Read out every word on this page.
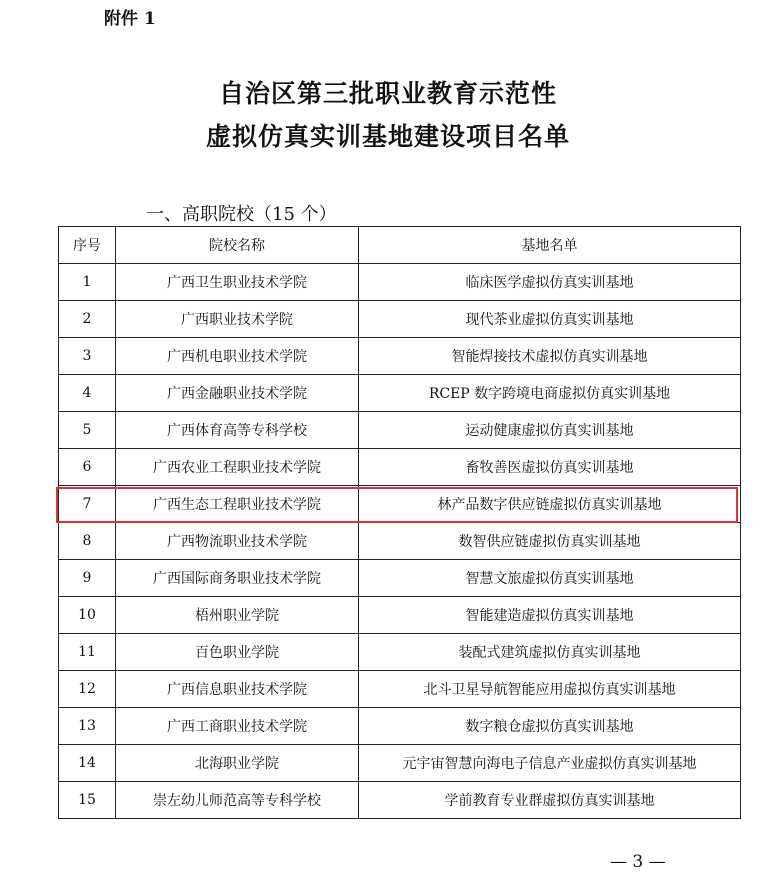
附件 1
自治区第三批职业教育示范性
虚拟仿真实训基地建设项目名单
一、高职院校（15 个）
序号	院校名称	基地名单
1	广西卫生职业技术学院	临床医学虚拟仿真实训基地
2	广西职业技术学院	现代茶业虚拟仿真实训基地
3	广西机电职业技术学院	智能焊接技术虚拟仿真实训基地
4	广西金融职业技术学院	RCEP 数字跨境电商虚拟仿真实训基地
5	广西体育高等专科学校	运动健康虚拟仿真实训基地
6	广西农业工程职业技术学院	畜牧善医虚拟仿真实训基地
7	广西生态工程职业技术学院	林产品数字供应链虚拟仿真实训基地
8	广西物流职业技术学院	数智供应链虚拟仿真实训基地
9	广西国际商务职业技术学院	智慧文旅虚拟仿真实训基地
10	梧州职业学院	智能建造虚拟仿真实训基地
11	百色职业学院	装配式建筑虚拟仿真实训基地
12	广西信息职业技术学院	北斗卫星导航智能应用虚拟仿真实训基地
13	广西工商职业技术学院	数字粮仓虚拟仿真实训基地
14	北海职业学院	元宇宙智慧向海电子信息产业虚拟仿真实训基地
15	崇左幼儿师范高等专科学校	学前教育专业群虚拟仿真实训基地
— 3 —
